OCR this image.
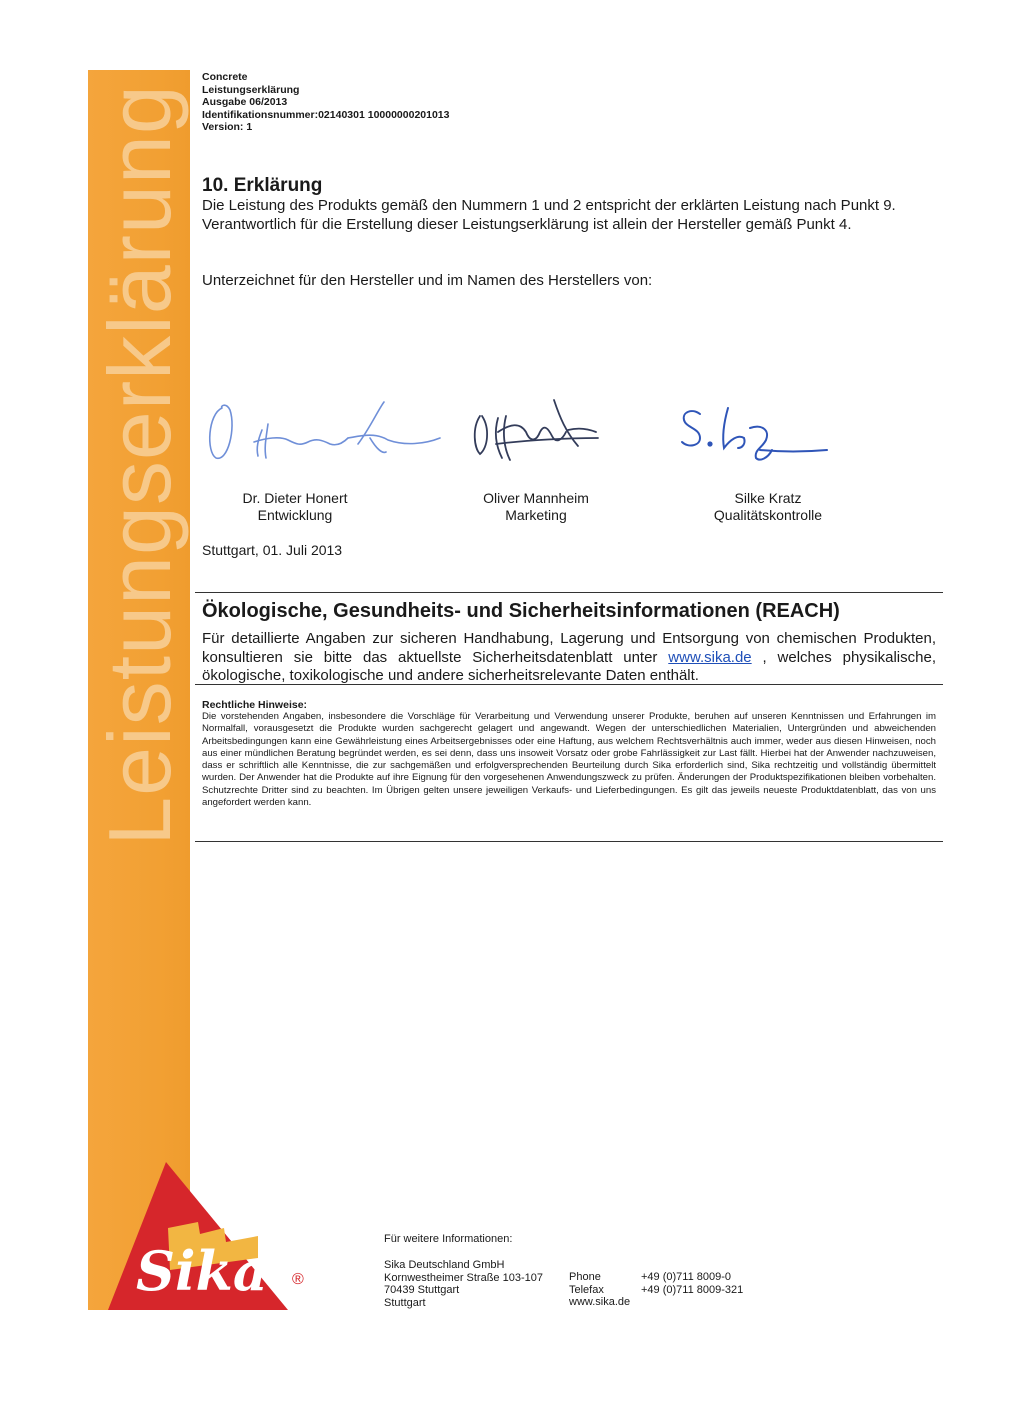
Leistungserklärung
Concrete
Leistungserklärung
Ausgabe 06/2013
Identifikationsnummer:02140301 10000000201013
Version: 1
10. Erklärung
Die Leistung des Produkts gemäß den Nummern 1 und 2 entspricht der erklärten Leistung nach Punkt 9. Verantwortlich für die Erstellung dieser Leistungserklärung ist allein der Hersteller gemäß Punkt 4.
Unterzeichnet für den Hersteller und im Namen des Herstellers von:
Dr. Dieter Honert
Entwicklung
Oliver Mannheim
Marketing
Silke Kratz
Qualitätskontrolle
Stuttgart, 01. Juli 2013
Ökologische, Gesundheits- und Sicherheitsinformationen (REACH)
Für detaillierte Angaben zur sicheren Handhabung, Lagerung und Entsorgung von chemischen Produkten, konsultieren sie bitte das aktuellste Sicherheitsdatenblatt unter www.sika.de , welches physikalische, ökologische, toxikologische und andere sicherheitsrelevante Daten enthält.
Rechtliche Hinweise:
Die vorstehenden Angaben, insbesondere die Vorschläge für Verarbeitung und Verwendung unserer Produkte, beruhen auf unseren Kenntnissen und Erfahrungen im Normalfall, vorausgesetzt die Produkte wurden sachgerecht gelagert und angewandt. Wegen der unterschiedlichen Materialien, Untergründen und abweichenden Arbeitsbedingungen kann eine Gewährleistung eines Arbeitsergebnisses oder eine Haftung, aus welchem Rechtsverhältnis auch immer, weder aus diesen Hinweisen, noch aus einer mündlichen Beratung begründet werden, es sei denn, dass uns insoweit Vorsatz oder grobe Fahrlässigkeit zur Last fällt. Hierbei hat der Anwender nachzuweisen, dass er schriftlich alle Kenntnisse, die zur sachgemäßen und erfolgversprechenden Beurteilung durch Sika erforderlich sind, Sika rechtzeitig und vollständig übermittelt wurden. Der Anwender hat die Produkte auf ihre Eignung für den vorgesehenen Anwendungszweck zu prüfen. Änderungen der Produktspezifikationen bleiben vorbehalten. Schutzrechte Dritter sind zu beachten. Im Übrigen gelten unsere jeweiligen Verkaufs- und Lieferbedingungen. Es gilt das jeweils neueste Produktdatenblatt, das von uns angefordert werden kann.
Sika ®
Für weitere Informationen:
Sika Deutschland GmbH
Kornwestheimer Straße 103-107
70439 Stuttgart
Stuttgart
Phone
Telefax
www.sika.de
+49 (0)711 8009-0
+49 (0)711 8009-321
